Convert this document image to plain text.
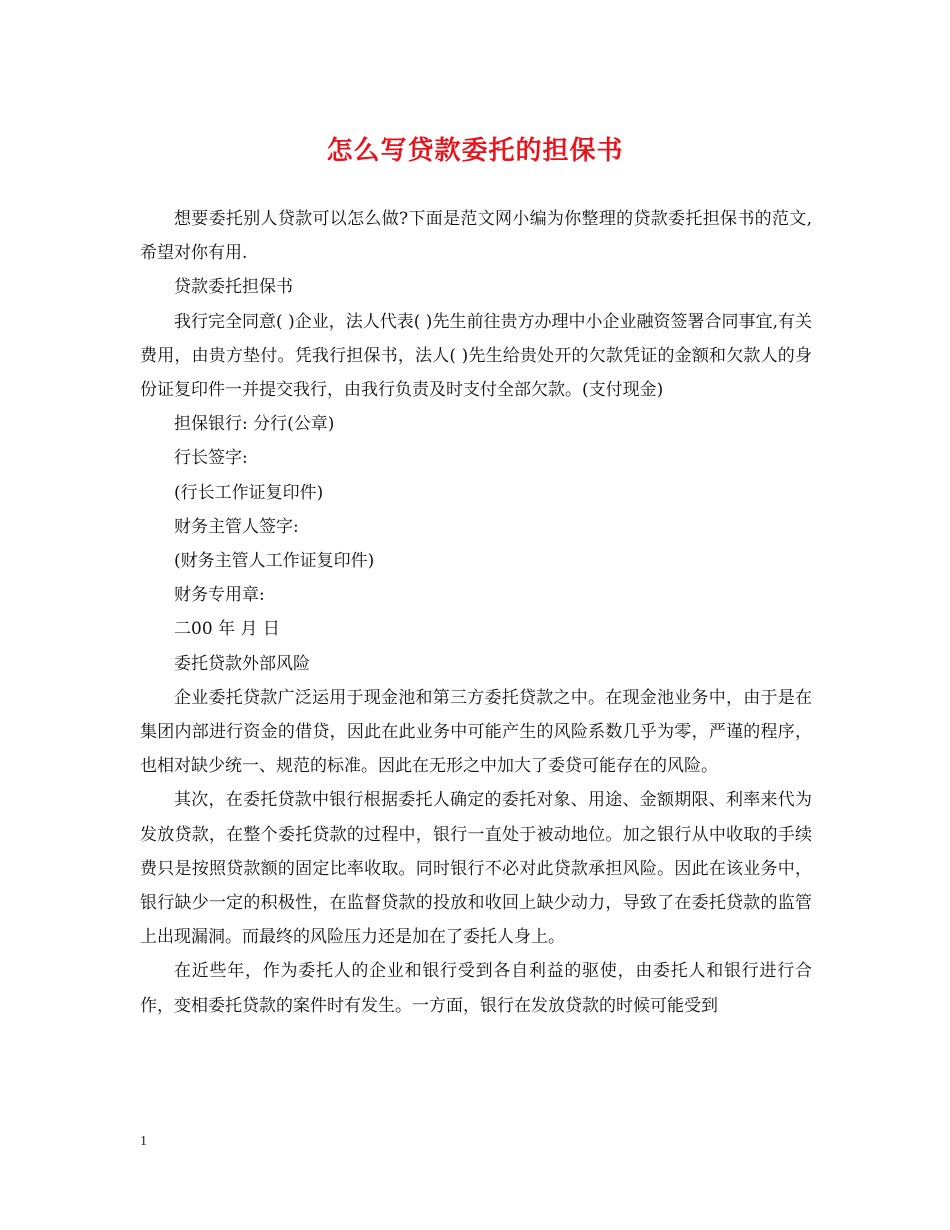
怎么写贷款委托的担保书

想要委托别人贷款可以怎么做?下面是范文网小编为你整理的贷款委托担保书的范文,希望对你有用.

贷款委托担保书

我行完全同意( )企业，法人代表( )先生前往贵方办理中小企业融资签署合同事宜,有关费用，由贵方垫付。凭我行担保书，法人( )先生给贵处开的欠款凭证的金额和欠款人的身份证复印件一并提交我行，由我行负责及时支付全部欠款。(支付现金)

担保银行: 分行(公章)

行长签字:

(行长工作证复印件)

财务主管人签字:

(财务主管人工作证复印件)

财务专用章:

二00 年 月 日

委托贷款外部风险

企业委托贷款广泛运用于现金池和第三方委托贷款之中。在现金池业务中，由于是在集团内部进行资金的借贷，因此在此业务中可能产生的风险系数几乎为零，严谨的程序，也相对缺少统一、规范的标准。因此在无形之中加大了委贷可能存在的风险。

其次，在委托贷款中银行根据委托人确定的委托对象、用途、金额期限、利率来代为发放贷款，在整个委托贷款的过程中，银行一直处于被动地位。加之银行从中收取的手续费只是按照贷款额的固定比率收取。同时银行不必对此贷款承担风险。因此在该业务中，银行缺少一定的积极性，在监督贷款的投放和收回上缺少动力，导致了在委托贷款的监管上出现漏洞。而最终的风险压力还是加在了委托人身上。

在近些年，作为委托人的企业和银行受到各自利益的驱使，由委托人和银行进行合作，变相委托贷款的案件时有发生。一方面，银行在发放贷款的时候可能受到

1
